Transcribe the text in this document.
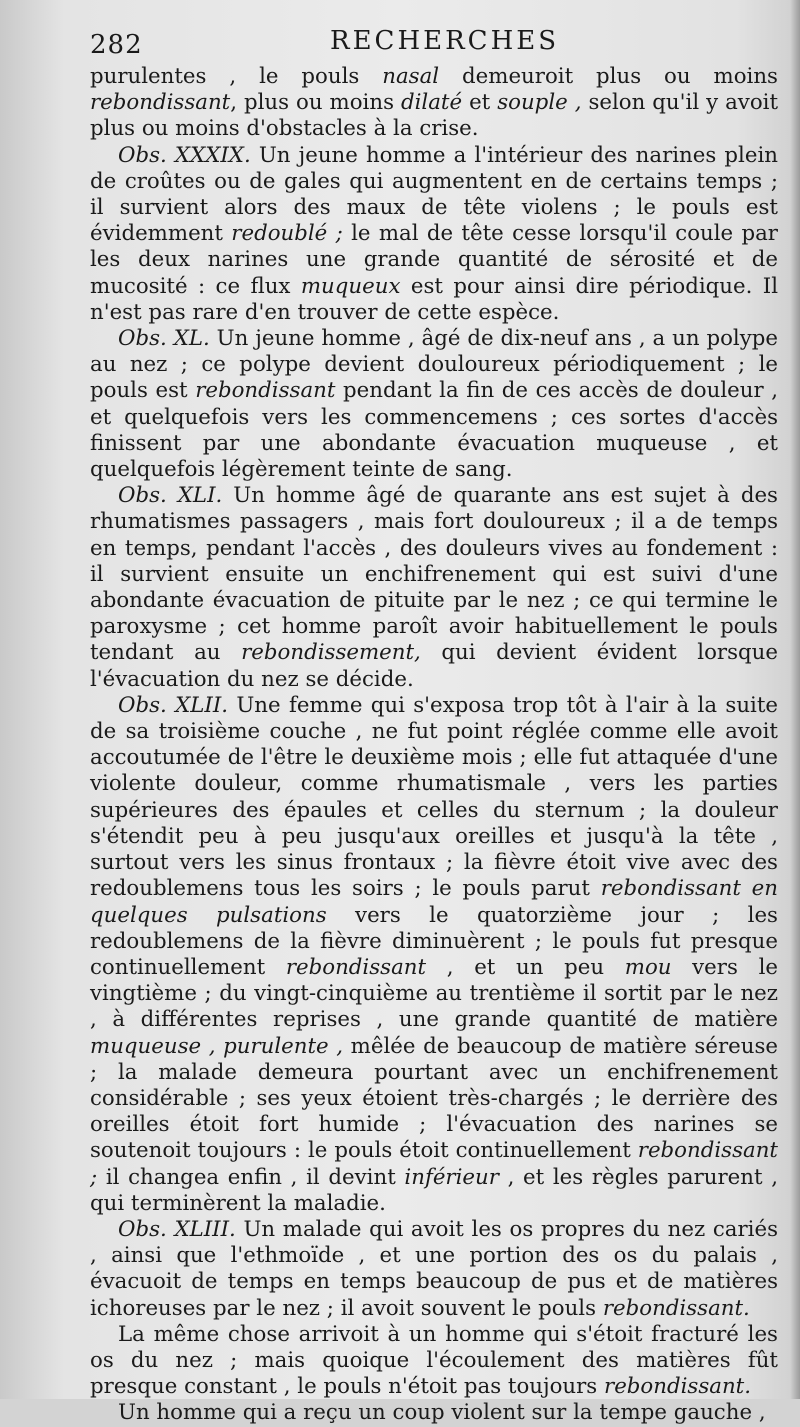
282	RECHERCHES

purulentes , le pouls nasal demeuroit plus ou moins rebondissant, plus ou moins dilaté et souple , selon qu'il y avoit plus ou moins d'obstacles à la crise.

Obs. XXXIX. Un jeune homme a l'intérieur des narines plein de croûtes ou de gales qui augmentent en de certains temps ; il survient alors des maux de tête violens ; le pouls est évidemment redoublé ; le mal de tête cesse lorsqu'il coule par les deux narines une grande quantité de sérosité et de mucosité : ce flux muqueux est pour ainsi dire périodique. Il n'est pas rare d'en trouver de cette espèce.

Obs. XL. Un jeune homme , âgé de dix-neuf ans , a un polype au nez ; ce polype devient douloureux périodiquement ; le pouls est rebondissant pendant la fin de ces accès de douleur , et quelquefois vers les commencemens ; ces sortes d'accès finissent par une abondante évacuation muqueuse , et quelquefois légèrement teinte de sang.

Obs. XLI. Un homme âgé de quarante ans est sujet à des rhumatismes passagers , mais fort douloureux ; il a de temps en temps, pendant l'accès , des douleurs vives au fondement : il survient ensuite un enchifrenement qui est suivi d'une abondante évacuation de pituite par le nez ; ce qui termine le paroxysme ; cet homme paroît avoir habituellement le pouls tendant au rebondissement, qui devient évident lorsque l'évacuation du nez se décide.

Obs. XLII. Une femme qui s'exposa trop tôt à l'air à la suite de sa troisième couche , ne fut point réglée comme elle avoit accoutumée de l'être le deuxième mois ; elle fut attaquée d'une violente douleur, comme rhumatismale , vers les parties supérieures des épaules et celles du sternum ; la douleur s'étendit peu à peu jusqu'aux oreilles et jusqu'à la tête , surtout vers les sinus frontaux ; la fièvre étoit vive avec des redoublemens tous les soirs ; le pouls parut rebondissant en quelques pulsations vers le quatorzième jour ; les redoublemens de la fièvre diminuèrent ; le pouls fut presque continuellement rebondissant , et un peu mou vers le vingtième ; du vingt-cinquième au trentième il sortit par le nez , à différentes reprises , une grande quantité de matière muqueuse , purulente , mêlée de beaucoup de matière séreuse ; la malade demeura pourtant avec un enchifrenement considérable ; ses yeux étoient très-chargés ; le derrière des oreilles étoit fort humide ; l'évacuation des narines se soutenoit toujours : le pouls étoit continuellement rebondissant ; il changea enfin , il devint inférieur , et les règles parurent , qui terminèrent la maladie.

Obs. XLIII. Un malade qui avoit les os propres du nez cariés , ainsi que l'ethmoïde , et une portion des os du palais , évacuoit de temps en temps beaucoup de pus et de matières ichoreuses par le nez ; il avoit souvent le pouls rebondissant.

La même chose arrivoit à un homme qui s'étoit fracturé les os du nez ; mais quoique l'écoulement des matières fût presque constant , le pouls n'étoit pas toujours rebondissant.

Un homme qui a reçu un coup violent sur la tempe gauche ,
